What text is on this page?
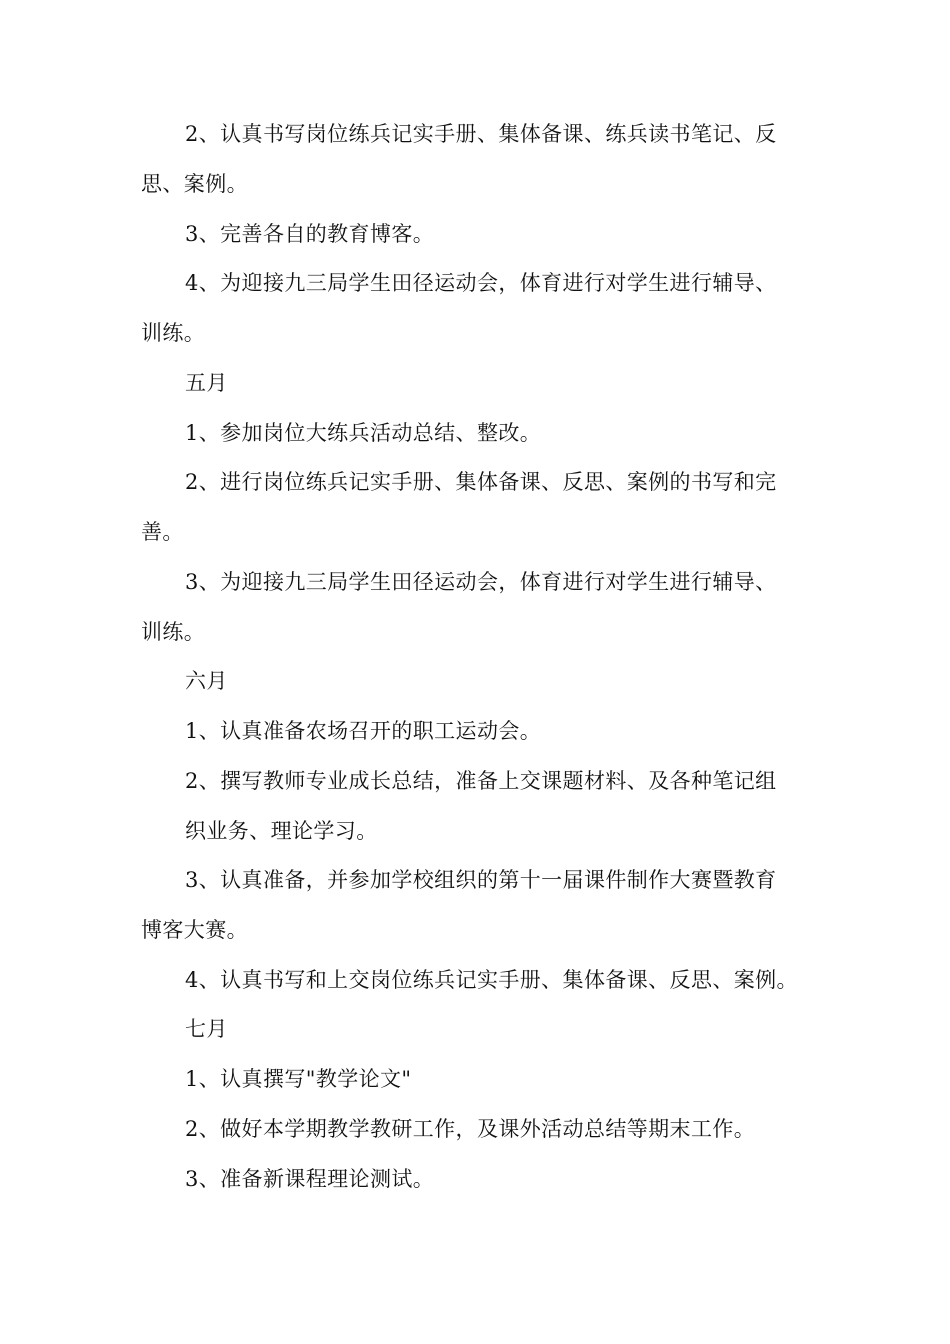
2、认真书写岗位练兵记实手册、集体备课、练兵读书笔记、反
思、案例。
3、完善各自的教育博客。
4、为迎接九三局学生田径运动会，体育进行对学生进行辅导、
训练。
五月
1、参加岗位大练兵活动总结、整改。
2、进行岗位练兵记实手册、集体备课、反思、案例的书写和完
善。
3、为迎接九三局学生田径运动会，体育进行对学生进行辅导、
训练。
六月
1、认真准备农场召开的职工运动会。
2、撰写教师专业成长总结，准备上交课题材料、及各种笔记组
织业务、理论学习。
3、认真准备，并参加学校组织的第十一届课件制作大赛暨教育
博客大赛。
4、认真书写和上交岗位练兵记实手册、集体备课、反思、案例。
七月
1、认真撰写"教学论文"
2、做好本学期教学教研工作，及课外活动总结等期末工作。
3、准备新课程理论测试。
